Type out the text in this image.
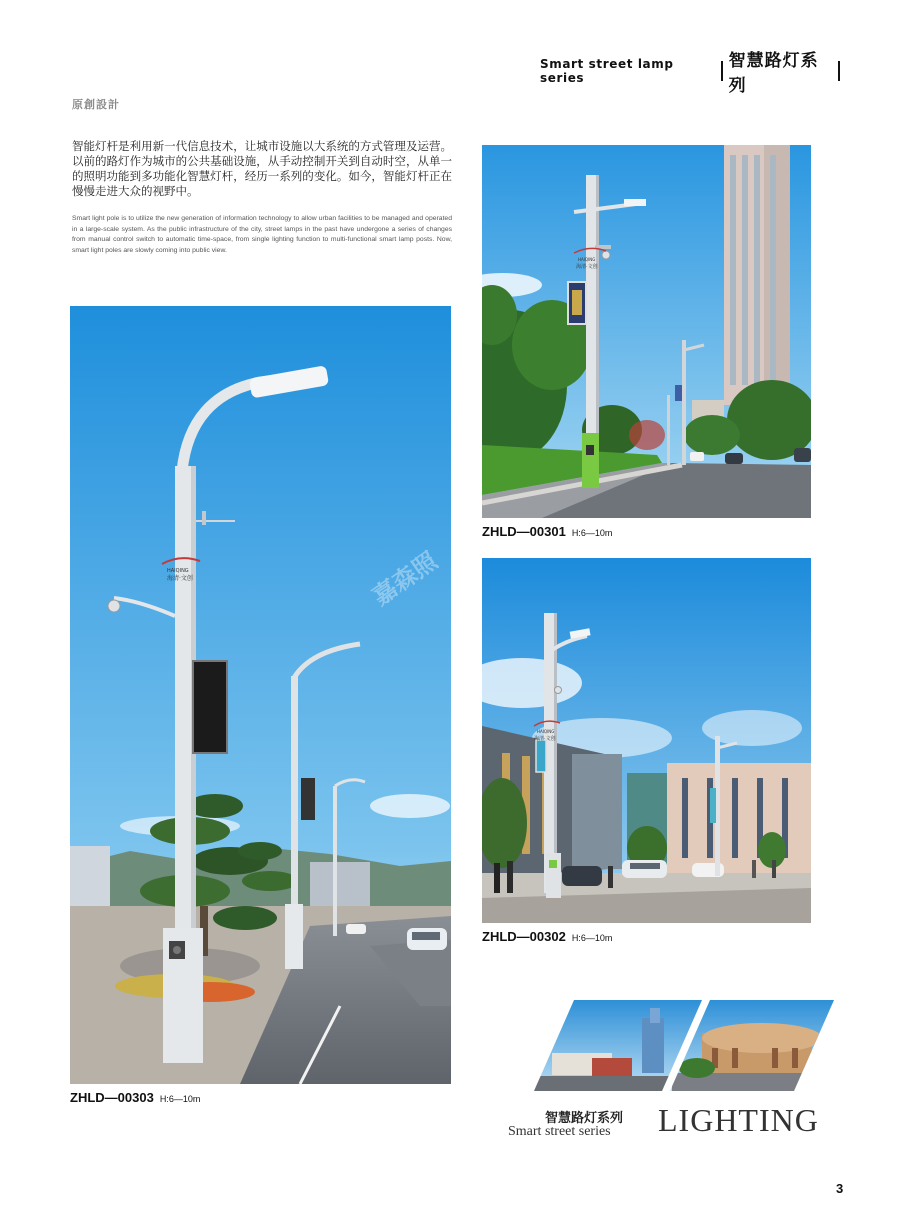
Smart street lamp series
智慧路灯系列
原創設計
智能灯杆是利用新一代信息技术，让城市设施以大系统的方式管理及运营。以前的路灯作为城市的公共基础设施，从手动控制开关到自动时空，从单一的照明功能到多功能化智慧灯杆，经历一系列的变化。如今，智能灯杆正在慢慢走进大众的视野中。
Smart light pole is to utilize the new generation of information technology to allow urban facilities to be managed and operated in a large-scale system. As the public infrastructure of the city, street lamps in the past have undergone a series of changes from manual control switch to automatic time-space, from single lighting function to multi-functional smart lamp posts. Now, smart light poles are slowly coming into public view.
HAIQING
海清·文创	嘉森照
ZHLD—00303 H:6—10m
HAIQING
海清·文创
ZHLD—00301 H:6—10m
HAIQING
海清·文创
ZHLD—00302 H:6—10m
智慧路灯系列
Smart street series LIGHTING
3
